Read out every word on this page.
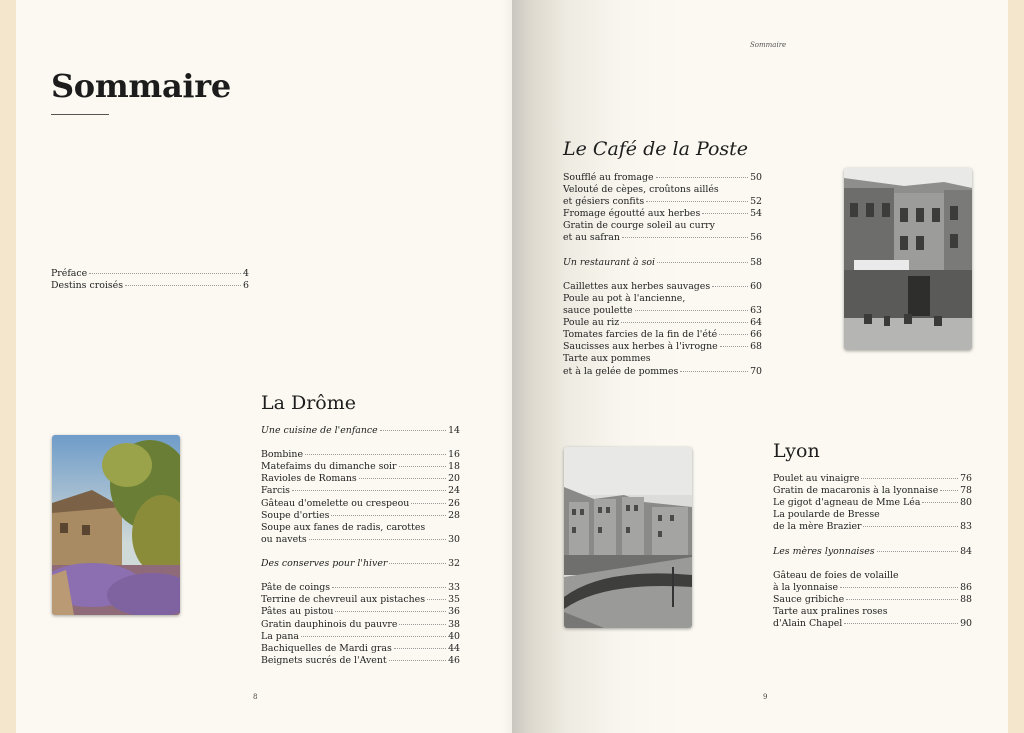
Sommaire
Préface	4
Destins croisés	6
La Drôme
Une cuisine de l'enfance	14
Bombine	16
Matefaims du dimanche soir	18
Ravioles de Romans	20
Farcis	24
Gâteau d'omelette ou crespeou	26
Soupe d'orties	28
Soupe aux fanes de radis, carottes
ou navets	30
Des conserves pour l'hiver	32
Pâte de coings	33
Terrine de chevreuil aux pistaches 35
Pâtes au pistou	36
Gratin dauphinois du pauvre	38
La pana	40
Bachiquelles de Mardi gras	44
Beignets sucrés de l'Avent	46
8
Sommaire
Le Café de la Poste
Soufflé au fromage	50
Velouté de cèpes, croûtons aillés
et gésiers confits	52
Fromage égoutté aux herbes	54
Gratin de courge soleil au curry
et au safran	56
Un restaurant à soi	58
Caillettes aux herbes sauvages	60
Poule au pot à l'ancienne,
sauce poulette	63
Poule au riz	64
Tomates farcies de la fin de l'été	66
Saucisses aux herbes à l'ivrogne	68
Tarte aux pommes
et à la gelée de pommes	70
Lyon
Poulet au vinaigre	76
Gratin de macaronis à la lyonnaise 78
Le gigot d'agneau de Mme Léa	80
La poularde de Bresse
de la mère Brazier	83
Les mères lyonnaises	84
Gâteau de foies de volaille
à la lyonnaise	86
Sauce gribiche	88
Tarte aux pralines roses
d'Alain Chapel	90
9
